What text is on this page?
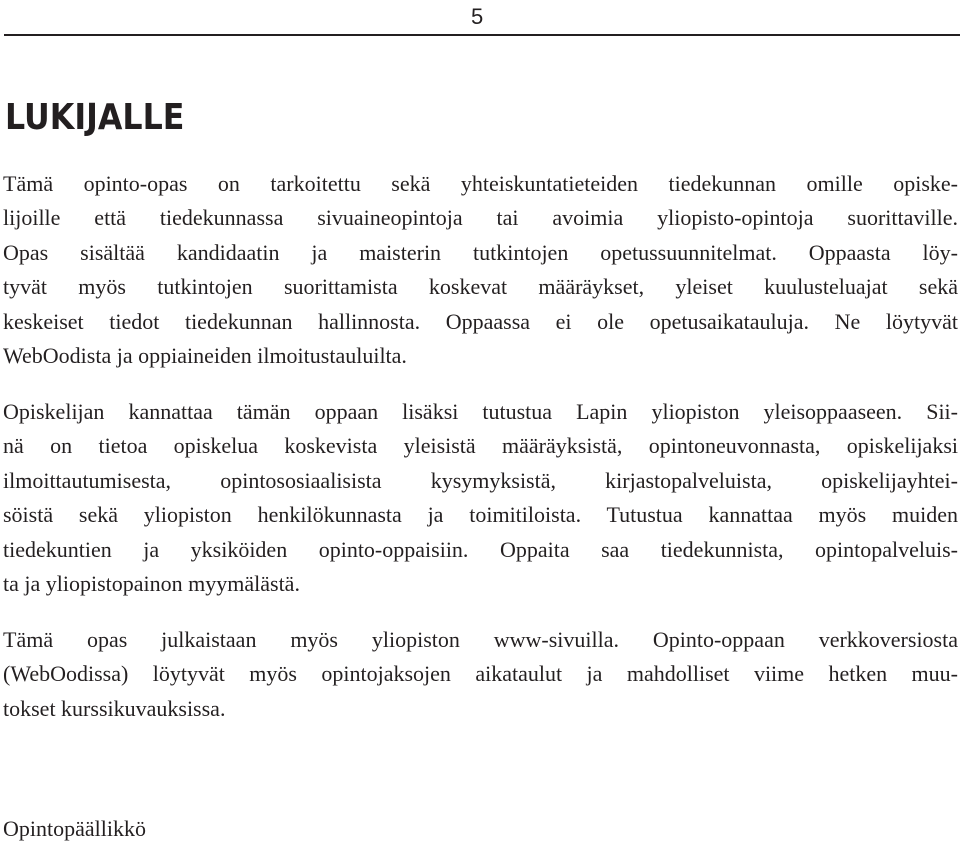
5
LUKIJALLE

Tämä opinto-opas on tarkoitettu sekä yhteiskuntatieteiden tiedekunnan omille opiske-
lijoille että tiedekunnassa sivuaineopintoja tai avoimia yliopisto-opintoja suorittaville.
Opas sisältää kandidaatin ja maisterin tutkintojen opetussuunnitelmat. Oppaasta löy-
tyvät myös tutkintojen suorittamista koskevat määräykset, yleiset kuulusteluajat sekä
keskeiset tiedot tiedekunnan hallinnosta. Oppaassa ei ole opetusaikatauluja. Ne löytyvät
WebOodista ja oppiaineiden ilmoitustauluilta.

Opiskelijan kannattaa tämän oppaan lisäksi tutustua Lapin yliopiston yleisoppaaseen. Sii-
nä on tietoa opiskelua koskevista yleisistä määräyksistä, opintoneuvonnasta, opiskelijaksi
ilmoittautumisesta, opintososiaalisista kysymyksistä, kirjastopalveluista, opiskelijayhtei-
söistä sekä yliopiston henkilökunnasta ja toimitiloista. Tutustua kannattaa myös muiden
tiedekuntien ja yksiköiden opinto-oppaisiin. Oppaita saa tiedekunnista, opintopalveluis-
ta ja yliopistopainon myymälästä.

Tämä opas julkaistaan myös yliopiston www-sivuilla. Opinto-oppaan verkkoversiosta
(WebOodissa) löytyvät myös opintojaksojen aikataulut ja mahdolliset viime hetken muu-
tokset kurssikuvauksissa.

Opintopäällikkö
